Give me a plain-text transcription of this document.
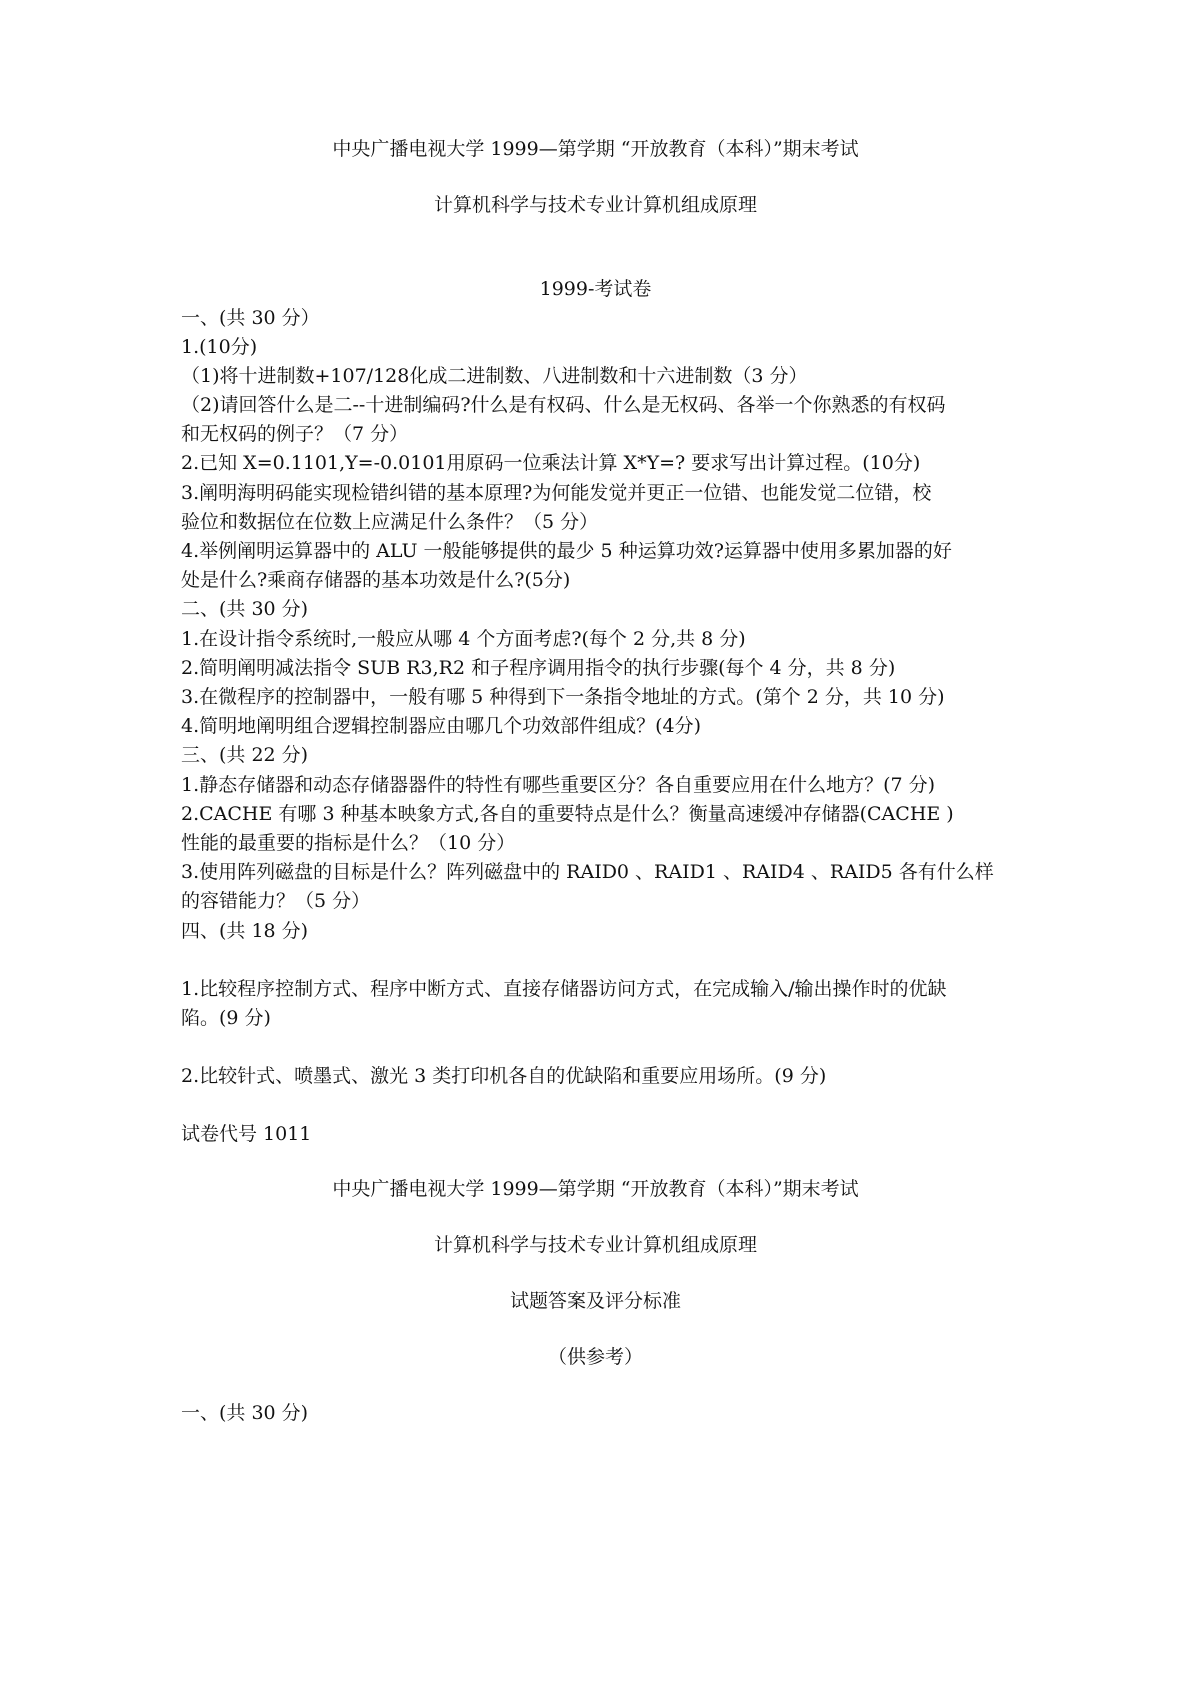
中央广播电视大学 1999—第学期 “开放教育（本科）”期末考试
计算机科学与技术专业计算机组成原理
1999-考试卷
一、(共 30 分）
1.(10分)
（1)将十进制数+107/128化成二进制数、八进制数和十六进制数（3 分）
（2)请回答什么是二--十进制编码?什么是有权码、什么是无权码、各举一个你熟悉的有权码
和无权码的例子？（7 分）
2.已知 X=0.1101,Y=-0.0101用原码一位乘法计算 X*Y=? 要求写出计算过程。(10分)
3.阐明海明码能实现检错纠错的基本原理?为何能发觉并更正一位错、也能发觉二位错，校
验位和数据位在位数上应满足什么条件？（5 分）
4.举例阐明运算器中的 ALU 一般能够提供的最少 5 种运算功效?运算器中使用多累加器的好
处是什么?乘商存储器的基本功效是什么?(5分)
二、(共 30 分)
1.在设计指令系统时,一般应从哪 4 个方面考虑?(每个 2 分,共 8 分)
2.简明阐明减法指令 SUB R3,R2 和子程序调用指令的执行步骤(每个 4 分，共 8 分)
3.在微程序的控制器中，一般有哪 5 种得到下一条指令地址的方式。(第个 2 分，共 10 分)
4.简明地阐明组合逻辑控制器应由哪几个功效部件组成？(4分)
三、(共 22 分)
1.静态存储器和动态存储器器件的特性有哪些重要区分？各自重要应用在什么地方？(7 分)
2.CACHE 有哪 3 种基本映象方式,各自的重要特点是什么？衡量高速缓冲存储器(CACHE )
性能的最重要的指标是什么？（10 分）
3.使用阵列磁盘的目标是什么？阵列磁盘中的 RAID0 、RAID1 、RAID4 、RAID5 各有什么样
的容错能力？（5 分）
四、(共 18 分)
1.比较程序控制方式、程序中断方式、直接存储器访问方式，在完成输入/输出操作时的优缺
陷。(9 分)
2.比较针式、喷墨式、激光 3 类打印机各自的优缺陷和重要应用场所。(9 分)
试卷代号 1011
中央广播电视大学 1999—第学期 “开放教育（本科）”期末考试
计算机科学与技术专业计算机组成原理
试题答案及评分标准
（供参考）
一、(共 30 分)
